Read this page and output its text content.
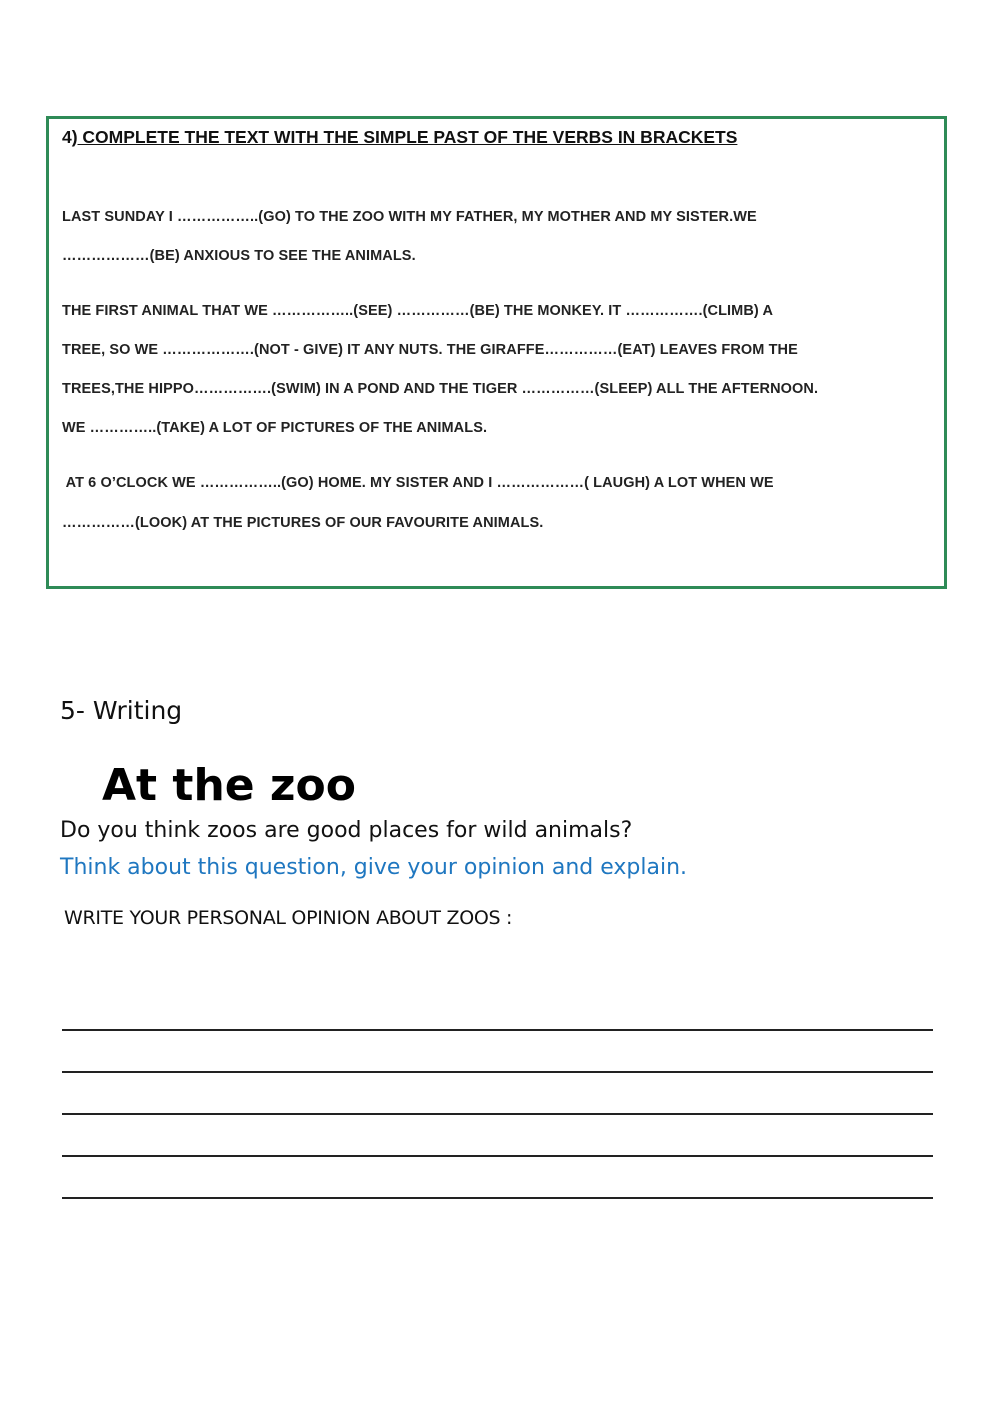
4) COMPLETE THE TEXT WITH THE SIMPLE PAST OF THE VERBS IN BRACKETS

LAST SUNDAY I ……………..(GO) TO THE ZOO WITH MY FATHER, MY MOTHER AND MY SISTER.WE

………………(BE) ANXIOUS TO SEE THE ANIMALS.

THE FIRST ANIMAL THAT WE ……………..(SEE) ……………(BE) THE MONKEY. IT …………….(CLIMB) A

TREE, SO WE ……………….(NOT - GIVE) IT ANY NUTS. THE GIRAFFE……………(EAT) LEAVES FROM THE

TREES,THE HIPPO…………….(SWIM) IN A POND AND THE TIGER ……………(SLEEP) ALL THE AFTERNOON.

WE …………..(TAKE) A LOT OF PICTURES OF THE ANIMALS.

AT 6 O’CLOCK WE ……………..(GO) HOME. MY SISTER AND I ………………( LAUGH) A LOT WHEN WE

……………(LOOK) AT THE PICTURES OF OUR FAVOURITE ANIMALS.

5- Writing

At the zoo

Do you think zoos are good places for wild animals?

Think about this question, give your opinion and explain.

WRITE YOUR PERSONAL OPINION ABOUT ZOOS :
